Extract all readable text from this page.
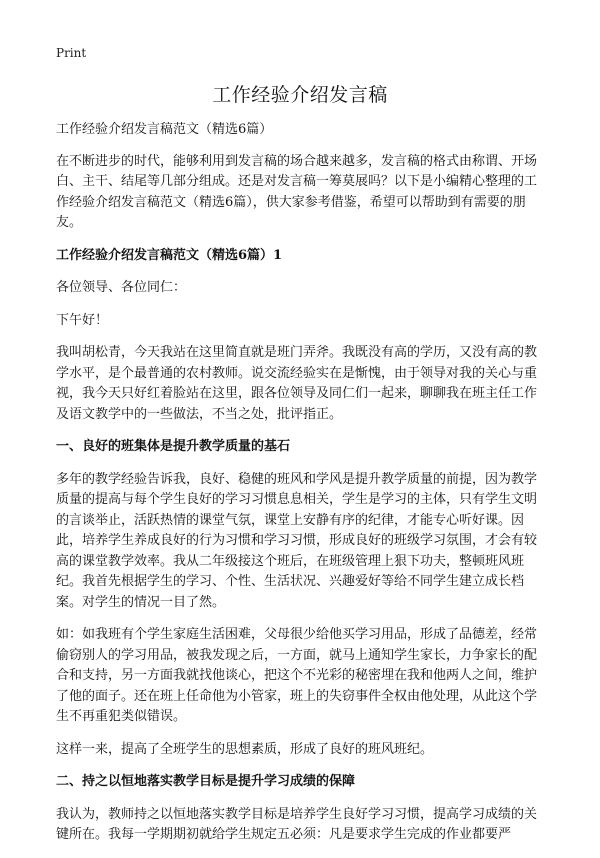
Print
工作经验介绍发言稿

工作经验介绍发言稿范文（精选6篇）

在不断进步的时代，能够利用到发言稿的场合越来越多，发言稿的格式由称谓、开场白、主干、结尾等几部分组成。还是对发言稿一筹莫展吗？以下是小编精心整理的工作经验介绍发言稿范文（精选6篇），供大家参考借鉴，希望可以帮助到有需要的朋友。

工作经验介绍发言稿范文（精选6篇）1

各位领导、各位同仁：

下午好！

我叫胡松青，今天我站在这里简直就是班门弄斧。我既没有高的学历，又没有高的教学水平，是个最普通的农村教师。说交流经验实在是惭愧，由于领导对我的关心与重视，我今天只好红着脸站在这里，跟各位领导及同仁们一起来，聊聊我在班主任工作及语文教学中的一些做法，不当之处，批评指正。

一、良好的班集体是提升教学质量的基石

多年的教学经验告诉我，良好、稳健的班风和学风是提升教学质量的前提，因为教学质量的提高与每个学生良好的学习习惯息息相关，学生是学习的主体，只有学生文明的言谈举止，活跃热情的课堂气氛，课堂上安静有序的纪律，才能专心听好课。因此，培养学生养成良好的行为习惯和学习习惯，形成良好的班级学习氛围，才会有较高的课堂教学效率。我从二年级接这个班后，在班级管理上狠下功夫，整顿班风班纪。我首先根据学生的学习、个性、生活状况、兴趣爱好等给不同学生建立成长档案。对学生的情况一目了然。

如：如我班有个学生家庭生活困难，父母很少给他买学习用品，形成了品德差，经常偷窃别人的学习用品，被我发现之后，一方面，就马上通知学生家长，力争家长的配合和支持，另一方面我就找他谈心，把这个不光彩的秘密埋在我和他两人之间，维护了他的面子。还在班上任命他为小管家，班上的失窃事件全权由他处理，从此这个学生不再重犯类似错误。

这样一来，提高了全班学生的思想素质，形成了良好的班风班纪。

二、持之以恒地落实教学目标是提升学习成绩的保障

我认为，教师持之以恒地落实教学目标是培养学生良好学习习惯，提高学习成绩的关键所在。我每一学期期初就给学生规定五必须：凡是要求学生完成的作业都要严
